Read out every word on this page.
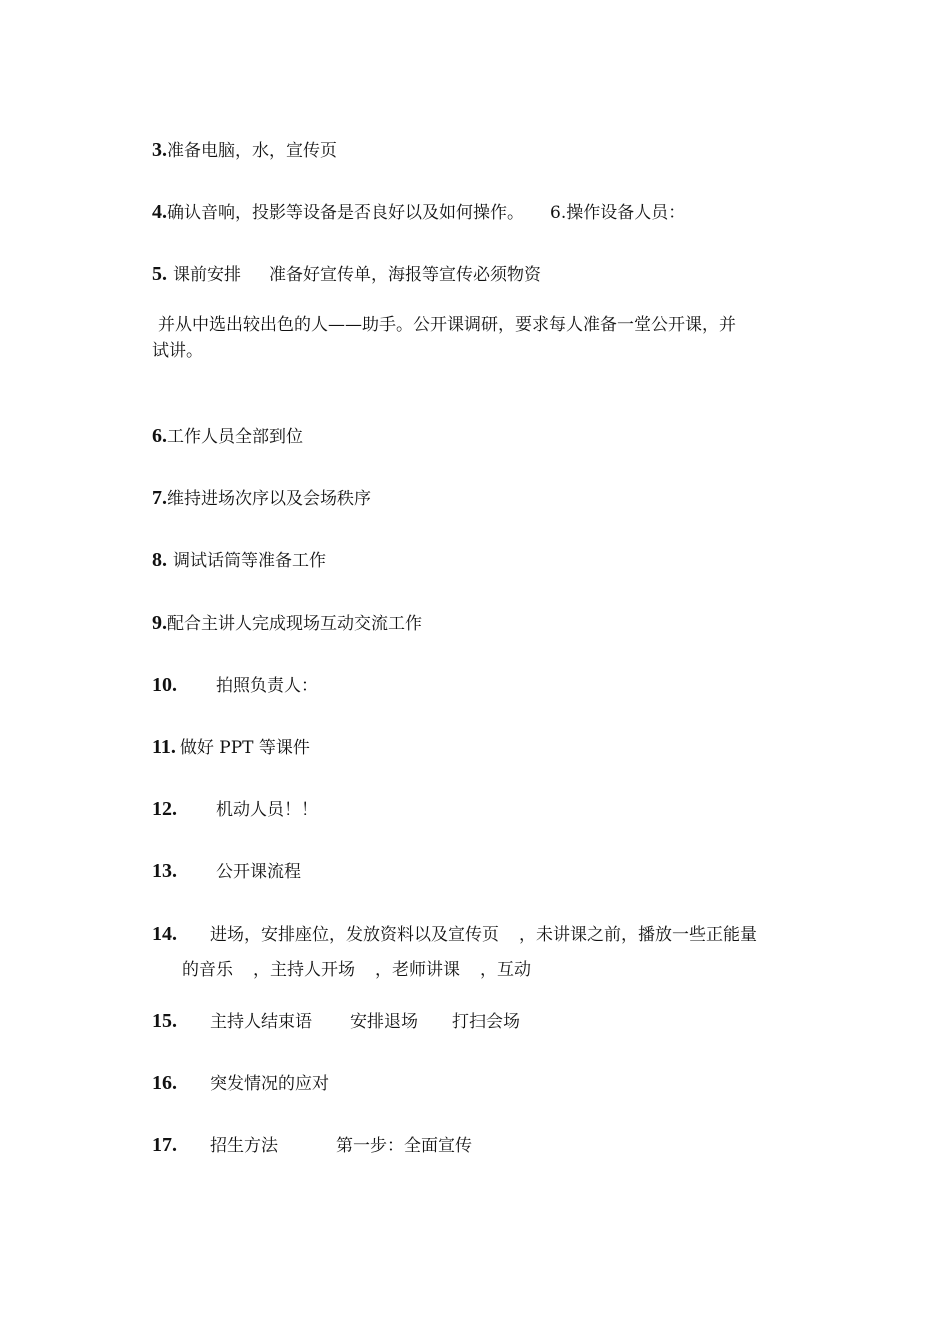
3.准备电脑，水，宣传页
4.确认音响，投影等设备是否良好以及如何操作。 6.操作设备人员：
5. 课前安排 准备好宣传单，海报等宣传必须物资
并从中选出较出色的人——助手。公开课调研，要求每人准备一堂公开课，并
试讲。
6.工作人员全部到位
7.维持进场次序以及会场秩序
8. 调试话筒等准备工作
9.配合主讲人完成现场互动交流工作
10. 拍照负责人：
11. 做好 PPT 等课件
12. 机动人员！！
13. 公开课流程
14. 进场，安排座位，发放资料以及宣传页 ，未讲课之前，播放一些正能量
的音乐 ，主持人开场 ，老师讲课 ，互动
15. 主持人结束语 安排退场 打扫会场
16. 突发情况的应对
17. 招生方法	第一步：全面宣传
